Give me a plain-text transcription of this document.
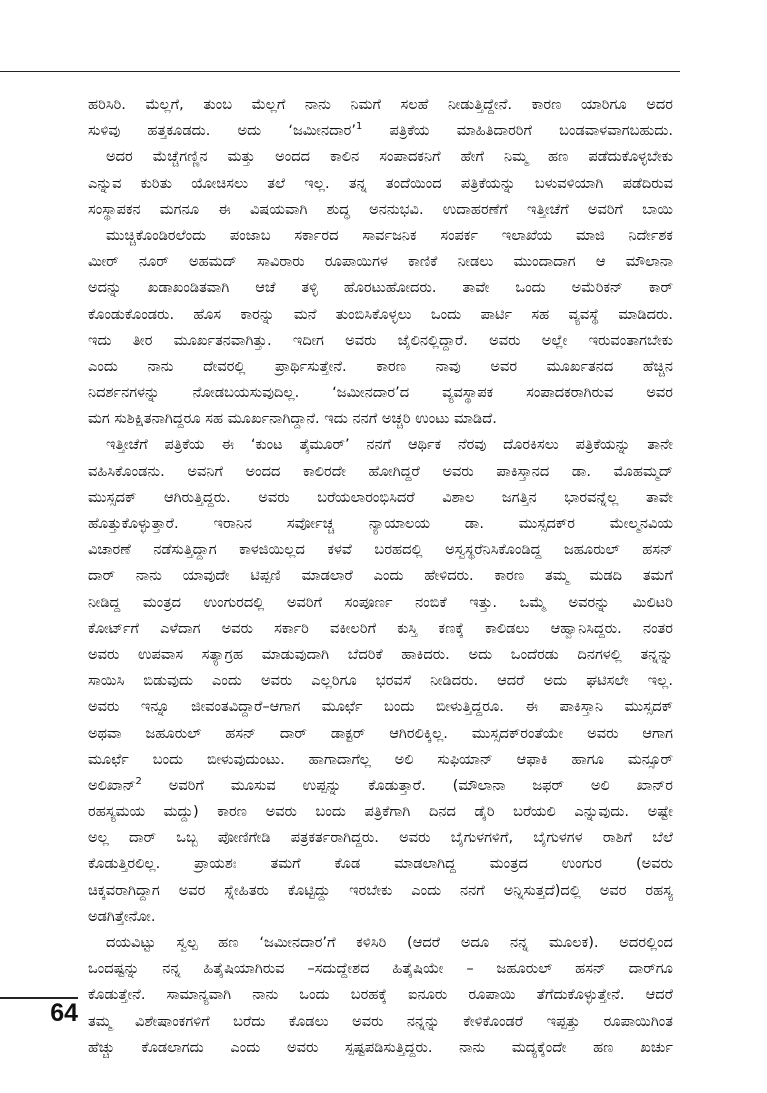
ಹರಿಸಿರಿ. ಮೆಲ್ಲಗೆ, ತುಂಬ ಮೆಲ್ಲಗೆ ನಾನು ನಿಮಗೆ ಸಲಹೆ ನೀಡುತ್ತಿದ್ದೇನೆ. ಕಾರಣ ಯಾರಿಗೂ ಅದರ
ಸುಳಿವು ಹತ್ತಕೂಡದು. ಅದು ‘ಜಮೀನದಾರ’$^1$ ಪತ್ರಿಕೆಯ ಮಾಹಿತಿದಾರರಿಗೆ ಬಂಡವಾಳವಾಗಬಹುದು.
ಅದರ ಮೆಚ್ಚೆಗಣ್ಣಿನ ಮತ್ತು ಅಂದದ ಕಾಲಿನ ಸಂಪಾದಕನಿಗೆ ಹೇಗೆ ನಿಮ್ಮ ಹಣ ಪಡೆದುಕೊಳ್ಳಬೇಕು
ಎನ್ನುವ ಕುರಿತು ಯೋಚಿಸಲು ತಲೆ ಇಲ್ಲ. ತನ್ನ ತಂದೆಯಿಂದ ಪತ್ರಿಕೆಯನ್ನು ಬಳುವಳಿಯಾಗಿ ಪಡೆದಿರುವ
ಸಂಸ್ಥಾಪಕನ ಮಗನೂ ಈ ವಿಷಯವಾಗಿ ಶುದ್ಧ ಅನನುಭವಿ. ಉದಾಹರಣೆಗೆ ಇತ್ತೀಚೆಗೆ ಅವರಿಗೆ ಬಾಯಿ
ಮುಚ್ಚಿಕೊಂಡಿರಲೆಂದು ಪಂಜಾಬ ಸರ್ಕಾರದ ಸಾರ್ವಜನಿಕ ಸಂಪರ್ಕ ಇಲಾಖೆಯ ಮಾಜಿ ನಿರ್ದೇಶಕ
ಮೀರ್ ನೂರ್ ಅಹಮದ್ ಸಾವಿರಾರು ರೂಪಾಯಿಗಳ ಕಾಣಿಕೆ ನೀಡಲು ಮುಂದಾದಾಗ ಆ ಮೌಲಾನಾ
ಅದನ್ನು ಖಡಾಖಂಡಿತವಾಗಿ ಆಚೆ ತಳ್ಳಿ ಹೊರಟುಹೋದರು. ತಾವೇ ಒಂದು ಅಮೆರಿಕನ್ ಕಾರ್
ಕೊಂಡುಕೊಂಡರು. ಹೊಸ ಕಾರನ್ನು ಮನೆ ತುಂಬಿಸಿಕೊಳ್ಳಲು ಒಂದು ಪಾರ್ಟಿ ಸಹ ವ್ಯವಸ್ಥೆ ಮಾಡಿದರು.
ಇದು ತೀರ ಮೂರ್ಖತನವಾಗಿತ್ತು. ಇದೀಗ ಅವರು ಜೈಲಿನಲ್ಲಿದ್ದಾರೆ. ಅವರು ಅಲ್ಲೇ ಇರುವಂತಾಗಬೇಕು
ಎಂದು ನಾನು ದೇವರಲ್ಲಿ ಪ್ರಾರ್ಥಿಸುತ್ತೇನೆ. ಕಾರಣ ನಾವು ಅವರ ಮೂರ್ಖತನದ ಹೆಚ್ಚಿನ
ನಿದರ್ಶನಗಳನ್ನು ನೋಡಬಯಸುವುದಿಲ್ಲ. ‘ಜಮೀನದಾರ’ದ ವ್ಯವಸ್ಥಾಪಕ ಸಂಪಾದಕರಾಗಿರುವ ಅವರ
ಮಗ ಸುಶಿಕ್ಷಿತನಾಗಿದ್ದರೂ ಸಹ ಮೂರ್ಖನಾಗಿದ್ದಾನೆ. ಇದು ನನಗೆ ಅಚ್ಚರಿ ಉಂಟು ಮಾಡಿದೆ.
ಇತ್ತೀಚೆಗೆ ಪತ್ರಿಕೆಯ ಈ ‘ಕುಂಟ ತೈಮೂರ್’ ನನಗೆ ಆರ್ಥಿಕ ನೆರವು ದೊರಕಿಸಲು ಪತ್ರಿಕೆಯನ್ನು ತಾನೇ
ವಹಿಸಿಕೊಂಡನು. ಅವನಿಗೆ ಅಂದದ ಕಾಲಿರದೇ ಹೋಗಿದ್ದರೆ ಅವರು ಪಾಕಿಸ್ತಾನದ ಡಾ. ಮೊಹಮ್ಮದ್
ಮುಸ್ಸದಕ್ ಆಗಿರುತ್ತಿದ್ದರು. ಅವರು ಬರೆಯಲಾರಂಭಿಸಿದರೆ ವಿಶಾಲ ಜಗತ್ತಿನ ಭಾರವನ್ನೆಲ್ಲ ತಾವೇ
ಹೊತ್ತುಕೊಳ್ಳುತ್ತಾರೆ. ಇರಾನಿನ ಸರ್ವೋಚ್ಚ ನ್ಯಾಯಾಲಯ ಡಾ. ಮುಸ್ಸದಕ್‌ರ ಮೇಲ್ಮನವಿಯ
ವಿಚಾರಣೆ ನಡೆಸುತ್ತಿದ್ದಾಗ ಕಾಳಜಿಯಿಲ್ಲದ ಕಳವೆ ಬರಹದಲ್ಲಿ ಅಸ್ವಸ್ಥರೆನಿಸಿಕೊಂಡಿದ್ದ ಜಹೂರುಲ್ ಹಸನ್
ದಾರ್ ನಾನು ಯಾವುದೇ ಟಿಪ್ಪಣಿ ಮಾಡಲಾರೆ ಎಂದು ಹೇಳಿದರು. ಕಾರಣ ತಮ್ಮ ಮಡದಿ ತಮಗೆ
ನೀಡಿದ್ದ ಮಂತ್ರದ ಉಂಗುರದಲ್ಲಿ ಅವರಿಗೆ ಸಂಪೂರ್ಣ ನಂಬಿಕೆ ಇತ್ತು. ಒಮ್ಮೆ ಅವರನ್ನು ಮಿಲಿಟರಿ
ಕೋರ್ಟ್‌ಗೆ ಎಳೆದಾಗ ಅವರು ಸರ್ಕಾರಿ ವಕೀಲರಿಗೆ ಕುಸ್ತಿ ಕಣಕ್ಕೆ ಕಾಲಿಡಲು ಆಹ್ವಾನಿಸಿದ್ದರು. ನಂತರ
ಅವರು ಉಪವಾಸ ಸತ್ಯಾಗ್ರಹ ಮಾಡುವುದಾಗಿ ಬೆದರಿಕೆ ಹಾಕಿದರು. ಅದು ಒಂದೆರಡು ದಿನಗಳಲ್ಲಿ ತನ್ನನ್ನು
ಸಾಯಿಸಿ ಬಿಡುವುದು ಎಂದು ಅವರು ಎಲ್ಲರಿಗೂ ಭರವಸೆ ನೀಡಿದರು. ಆದರೆ ಅದು ಘಟಿಸಲೇ ಇಲ್ಲ.
ಅವರು ಇನ್ನೂ ಜೀವಂತವಿದ್ದಾರೆ–ಆಗಾಗ ಮೂರ್ಛೆ ಬಂದು ಬೀಳುತ್ತಿದ್ದರೂ. ಈ ಪಾಕಿಸ್ತಾನಿ ಮುಸ್ಸದಕ್
ಅಥವಾ ಜಹೂರುಲ್ ಹಸನ್ ದಾರ್ ಡಾಕ್ಟರ್ ಆಗಿರಲಿಕ್ಕಿಲ್ಲ. ಮುಸ್ಸದಕ್‌ರಂತೆಯೇ ಅವರು ಆಗಾಗ
ಮೂರ್ಛೆ ಬಂದು ಬೀಳುವುದುಂಟು. ಹಾಗಾದಾಗೆಲ್ಲ ಅಲಿ ಸುಫಿಯಾನ್ ಆಫಾಕಿ ಹಾಗೂ ಮನ್ಸೂರ್
ಅಲಿಖಾನ್$^2$ ಅವರಿಗೆ ಮೂಸುವ ಉಪ್ಪನ್ನು ಕೊಡುತ್ತಾರೆ. (ಮೌಲಾನಾ ಜಫರ್ ಅಲಿ ಖಾನ್‌ರ
ರಹಸ್ಯಮಯ ಮದ್ದು) ಕಾರಣ ಅವರು ಬಂದು ಪತ್ರಿಕೆಗಾಗಿ ದಿನದ ಡೈರಿ ಬರೆಯಲಿ ಎನ್ನುವುದು. ಅಷ್ಟೇ
ಅಲ್ಲ ದಾರ್ ಒಬ್ಬ ಪೋಣಿಗೇಡಿ ಪತ್ರಕರ್ತರಾಗಿದ್ದರು. ಅವರು ಬೈಗುಳಗಳಿಗೆ, ಬೈಗುಳಗಳ ರಾಶಿಗೆ ಬೆಲೆ
ಕೊಡುತ್ತಿರಲಿಲ್ಲ. ಪ್ರಾಯಶಃ ತಮಗೆ ಕೊಡ ಮಾಡಲಾಗಿದ್ದ ಮಂತ್ರದ ಉಂಗುರ (ಅವರು
ಚಿಕ್ಕವರಾಗಿದ್ದಾಗ ಅವರ ಸ್ನೇಹಿತರು ಕೊಟ್ಟಿದ್ದು ಇರಬೇಕು ಎಂದು ನನಗೆ ಅನ್ನಿಸುತ್ತದೆ)ದಲ್ಲಿ ಅವರ ರಹಸ್ಯ
ಅಡಗಿತ್ತೇನೋ.
ದಯವಿಟ್ಟು ಸ್ವಲ್ಪ ಹಣ ‘ಜಮೀನದಾರ’ಗೆ ಕಳಿಸಿರಿ (ಆದರೆ ಅದೂ ನನ್ನ ಮೂಲಕ). ಅದರಲ್ಲಿಂದ
ಒಂದಷ್ಟನ್ನು ನನ್ನ ಹಿತೈಷಿಯಾಗಿರುವ –ಸದುದ್ದೇಶದ ಹಿತೈಷಿಯೇ – ಜಹೂರುಲ್ ಹಸನ್ ದಾರ್‌ಗೂ
ಕೊಡುತ್ತೇನೆ. ಸಾಮಾನ್ಯವಾಗಿ ನಾನು ಒಂದು ಬರಹಕ್ಕೆ ಐನೂರು ರೂಪಾಯಿ ತೆಗೆದುಕೊಳ್ಳುತ್ತೇನೆ. ಆದರೆ
ತಮ್ಮ ವಿಶೇಷಾಂಕಗಳಿಗೆ ಬರೆದು ಕೊಡಲು ಅವರು ನನ್ನನ್ನು ಕೇಳಿಕೊಂಡರೆ ಇಪ್ಪತ್ತು ರೂಪಾಯಿಗಿಂತ
ಹೆಚ್ಚು ಕೊಡಲಾಗದು ಎಂದು ಅವರು ಸ್ಪಷ್ಟಪಡಿಸುತ್ತಿದ್ದರು. ನಾನು ಮದ್ಯಕ್ಕೆಂದೇ ಹಣ ಖರ್ಚು
64
